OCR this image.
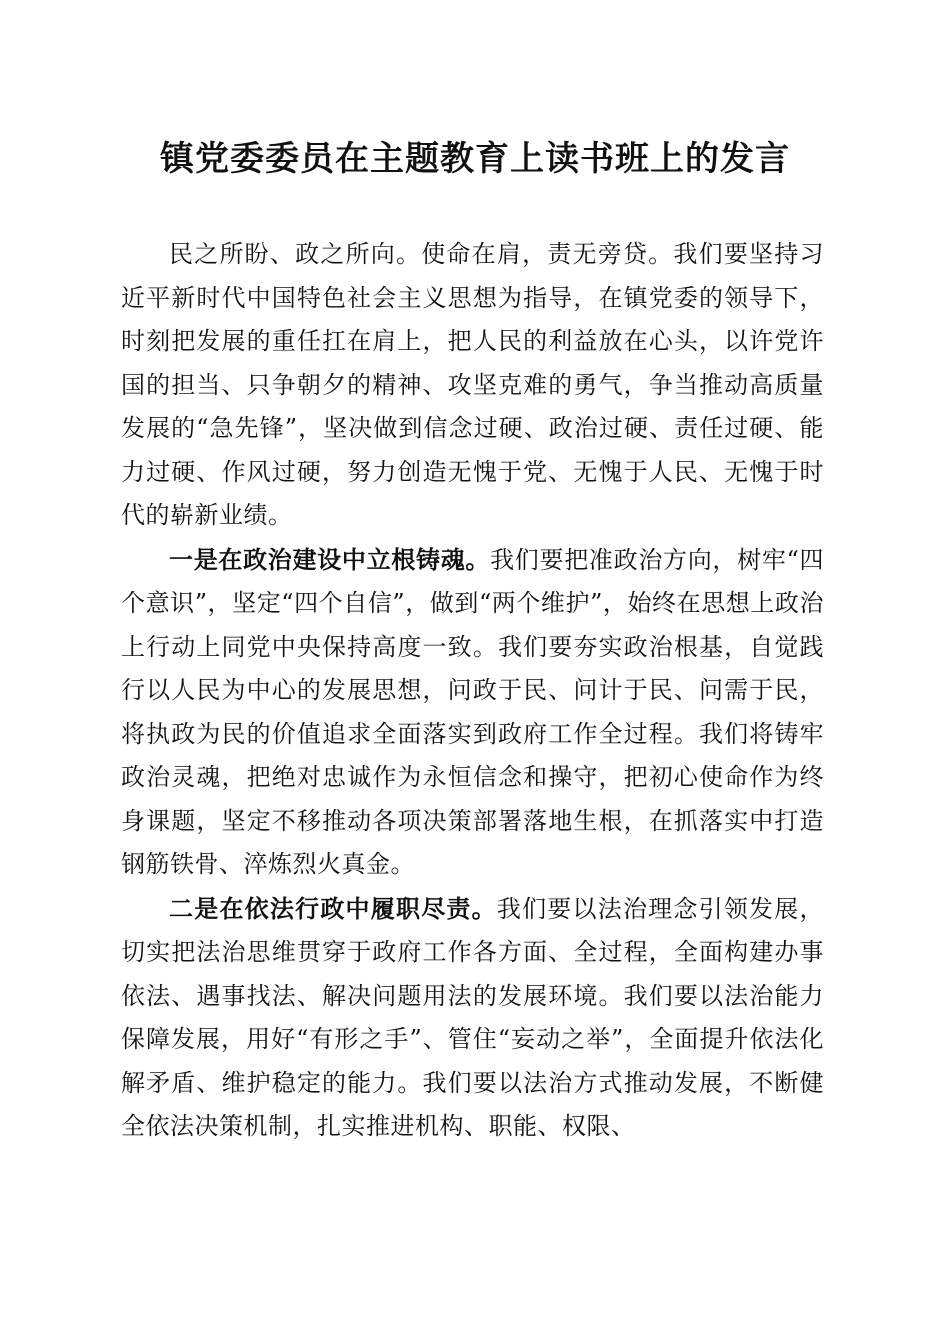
镇党委委员在主题教育上读书班上的发言

民之所盼、政之所向。使命在肩，责无旁贷。我们要坚持习近平新时代中国特色社会主义思想为指导，在镇党委的领导下，时刻把发展的重任扛在肩上，把人民的利益放在心头，以许党许国的担当、只争朝夕的精神、攻坚克难的勇气，争当推动高质量发展的“急先锋”，坚决做到信念过硬、政治过硬、责任过硬、能力过硬、作风过硬，努力创造无愧于党、无愧于人民、无愧于时代的崭新业绩。

一是在政治建设中立根铸魂。我们要把准政治方向，树牢“四个意识”，坚定“四个自信”，做到“两个维护”，始终在思想上政治上行动上同党中央保持高度一致。我们要夯实政治根基，自觉践行以人民为中心的发展思想，问政于民、问计于民、问需于民，将执政为民的价值追求全面落实到政府工作全过程。我们将铸牢政治灵魂，把绝对忠诚作为永恒信念和操守，把初心使命作为终身课题，坚定不移推动各项决策部署落地生根，在抓落实中打造钢筋铁骨、淬炼烈火真金。

二是在依法行政中履职尽责。我们要以法治理念引领发展，切实把法治思维贯穿于政府工作各方面、全过程，全面构建办事依法、遇事找法、解决问题用法的发展环境。我们要以法治能力保障发展，用好“有形之手”、管住“妄动之举”，全面提升依法化解矛盾、维护稳定的能力。我们要以法治方式推动发展，不断健全依法决策机制，扎实推进机构、职能、权限、
